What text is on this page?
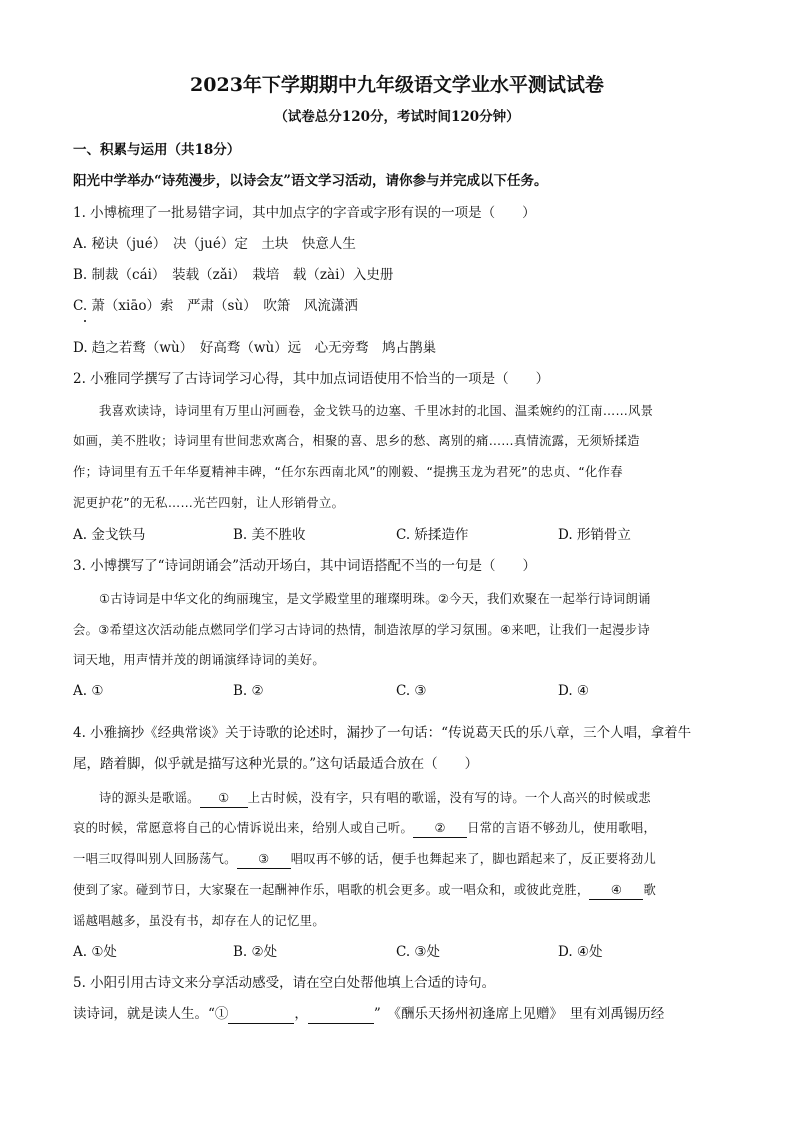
2023年下学期期中九年级语文学业水平测试试卷
（试卷总分120分，考试时间120分钟）
一、积累与运用（共18分）
阳光中学举办“诗苑漫步，以诗会友”语文学习活动，请你参与并完成以下任务。
1. 小博梳理了一批易错字词，其中加点字的字音或字形有误的一项是（　　）
A. 秘诀（jué）　决（jué）定　土块　快意人生
B. 制裁（cái）　装载（zǎi）　栽培　载（zài）入史册
C. 萧（xiāo）索　严肃（sù）　吹箫　风流潇洒
D. 趋之若鹜（wù）　好高骛（wù）远　心无旁骛　鸠占鹊巢
2. 小雅同学撰写了古诗词学习心得，其中加点词语使用不恰当的一项是（　　）
我喜欢读诗，诗词里有万里山河画卷，金戈铁马的边塞、千里冰封的北国、温柔婉约的江南……风景
如画，美不胜收；诗词里有世间悲欢离合，相聚的喜、思乡的愁、离别的痛……真情流露，无须矫揉造
作；诗词里有五千年华夏精神丰碑，“任尔东西南北风”的刚毅、“提携玉龙为君死”的忠贞、“化作春
泥更护花”的无私……光芒四射，让人形销骨立。
A. 金戈铁马	B. 美不胜收	C. 矫揉造作	D. 形销骨立
3. 小博撰写了“诗词朗诵会”活动开场白，其中词语搭配不当的一句是（　　）
①古诗词是中华文化的绚丽瑰宝，是文学殿堂里的璀璨明珠。②今天，我们欢聚在一起举行诗词朗诵
会。③希望这次活动能点燃同学们学习古诗词的热情，制造浓厚的学习氛围。④来吧，让我们一起漫步诗
词天地，用声情并茂的朗诵演绎诗词的美好。
A. ①	B. ②	C. ③	D. ④
4. 小雅摘抄《经典常谈》关于诗歌的论述时，漏抄了一句话：“传说葛天氏的乐八章，三个人唱，拿着牛
尾，踏着脚，似乎就是描写这种光景的。”这句话最适合放在（　　）
诗的源头是歌谣。 ① 上古时候，没有字，只有唱的歌谣，没有写的诗。一个人高兴的时候或悲
哀的时候，常愿意将自己的心情诉说出来，给别人或自己听。 ② 日常的言语不够劲儿，使用歌唱，
一唱三叹得叫别人回肠荡气。 ③ 唱叹再不够的话，便手也舞起来了，脚也蹈起来了，反正要将劲儿
使到了家。碰到节日，大家聚在一起酬神作乐，唱歌的机会更多。或一唱众和，或彼此竞胜， ④ 歌
谣越唱越多，虽没有书，却存在人的记忆里。
A. ①处	B. ②处	C. ③处	D. ④处
5. 小阳引用古诗文来分享活动感受，请在空白处帮他填上合适的诗句。
读诗词，就是读人生。“①	，	”　《酬乐天扬州初逢席上见赠》　里有刘禹锡历经
